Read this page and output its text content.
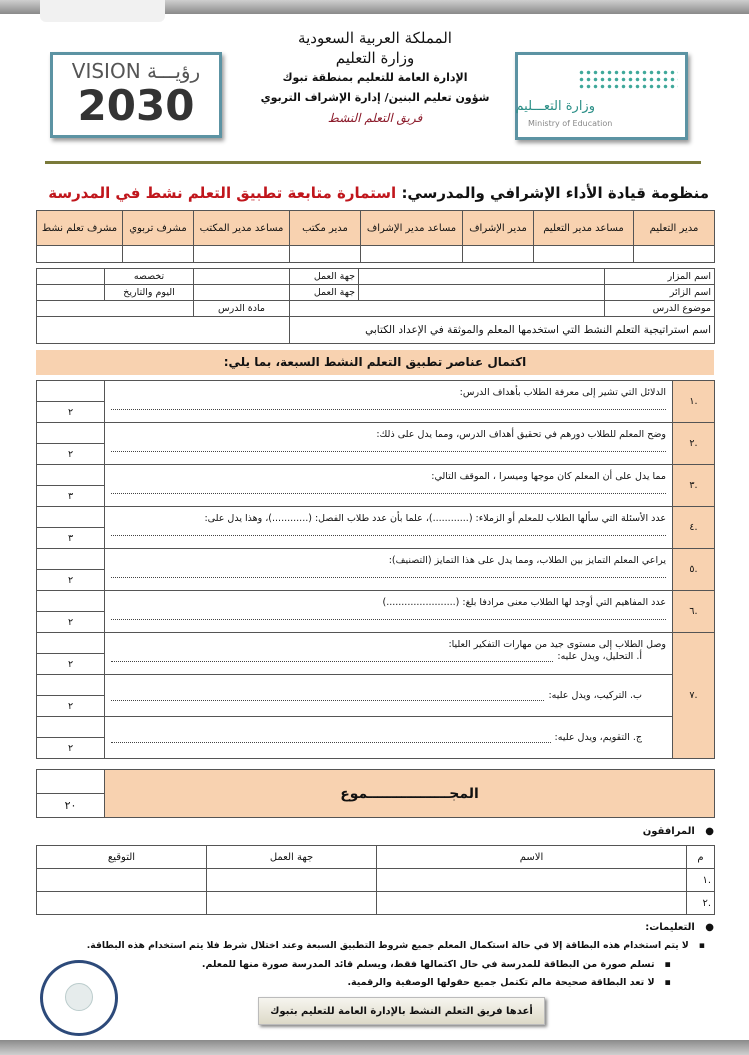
VISION رؤيـــة
2030
المملكة العربية السعودية
وزارة التعليم
الإدارة العامة للتعليم بمنطقة تبوك
شؤون تعليم البنين/ إدارة الإشراف التربوي
فريق التعلم النشط
وزارة التعـــليم
Ministry of Education
منظومة قيادة الأداء الإشرافي والمدرسي: استمارة متابعة تطبيق التعلم نشط في المدرسة
مدير التعليم	مساعد مدير التعليم	مدير الإشراف	مساعد مدير الإشراف	مدير مكتب	مساعد مدير المكتب	مشرف تربوي	مشرف تعلم نشط

اسم المزار		جهة العمل		تخصصه	
اسم الزائر		جهة العمل		اليوم والتاريخ	
موضوع الدرس			مادة الدرس		
اسم استراتيجية التعلم النشط التي استخدمها المعلم والموثقة في الإعداد الكتابي					
اكتمال عناصر تطبيق التعلم النشط السبعة، بما يلي:
.١	الدلائل التي تشير إلى معرفة الطلاب بأهداف الدرس:	

		٢
.٢	وضح المعلم للطلاب دورهم في تحقيق أهداف الدرس، ومما يدل على ذلك:	

		٢
.٣	مما يدل على أن المعلم كان موجها وميسرا ، الموقف التالي:	

		٣
.٤	عدد الأسئلة التي سألها الطلاب للمعلم أو الزملاء: (............)، علما بأن عدد طلاب الفصل: (............)، وهذا يدل على:	

		٣
.٥	يراعي المعلم التمايز بين الطلاب، ومما يدل على هذا التمايز (التصنيف):	

		٢
.٦	عدد المفاهيم التي أوجد لها الطلاب معنى مرادفا بلغ: (.......................)	

		٢
.٧	وصل الطلاب إلى مستوى جيد من مهارات التفكير العليا:
أ. التحليل، ويدل عليه:	

		٢

	ب. التركيب، ويدل عليه:	

		٢

	ج. التقويم، ويدل عليه:	

		٢
المجـــــــــــــــــموع	
٢٠
●   المرافقون
م	الاسم	جهة العمل	التوقيع
.١			
.٢			
●   التعليمات:
▪ لا يتم استخدام هذه البطاقة إلا في حالة استكمال المعلم جميع شروط التطبيق السبعة وعند اختلال شرط فلا يتم استخدام هذه البطاقة.
▪ تسلم صورة من البطاقة للمدرسة في حال اكتمالها فقط، ويسلم قائد المدرسة صورة منها للمعلم.
▪ لا تعد البطاقة صحيحة مالم تكتمل جميع حقولها الوصفية والرقمية.
أعدها فريق التعلم النشط بالإدارة العامة للتعليم بتبوك
